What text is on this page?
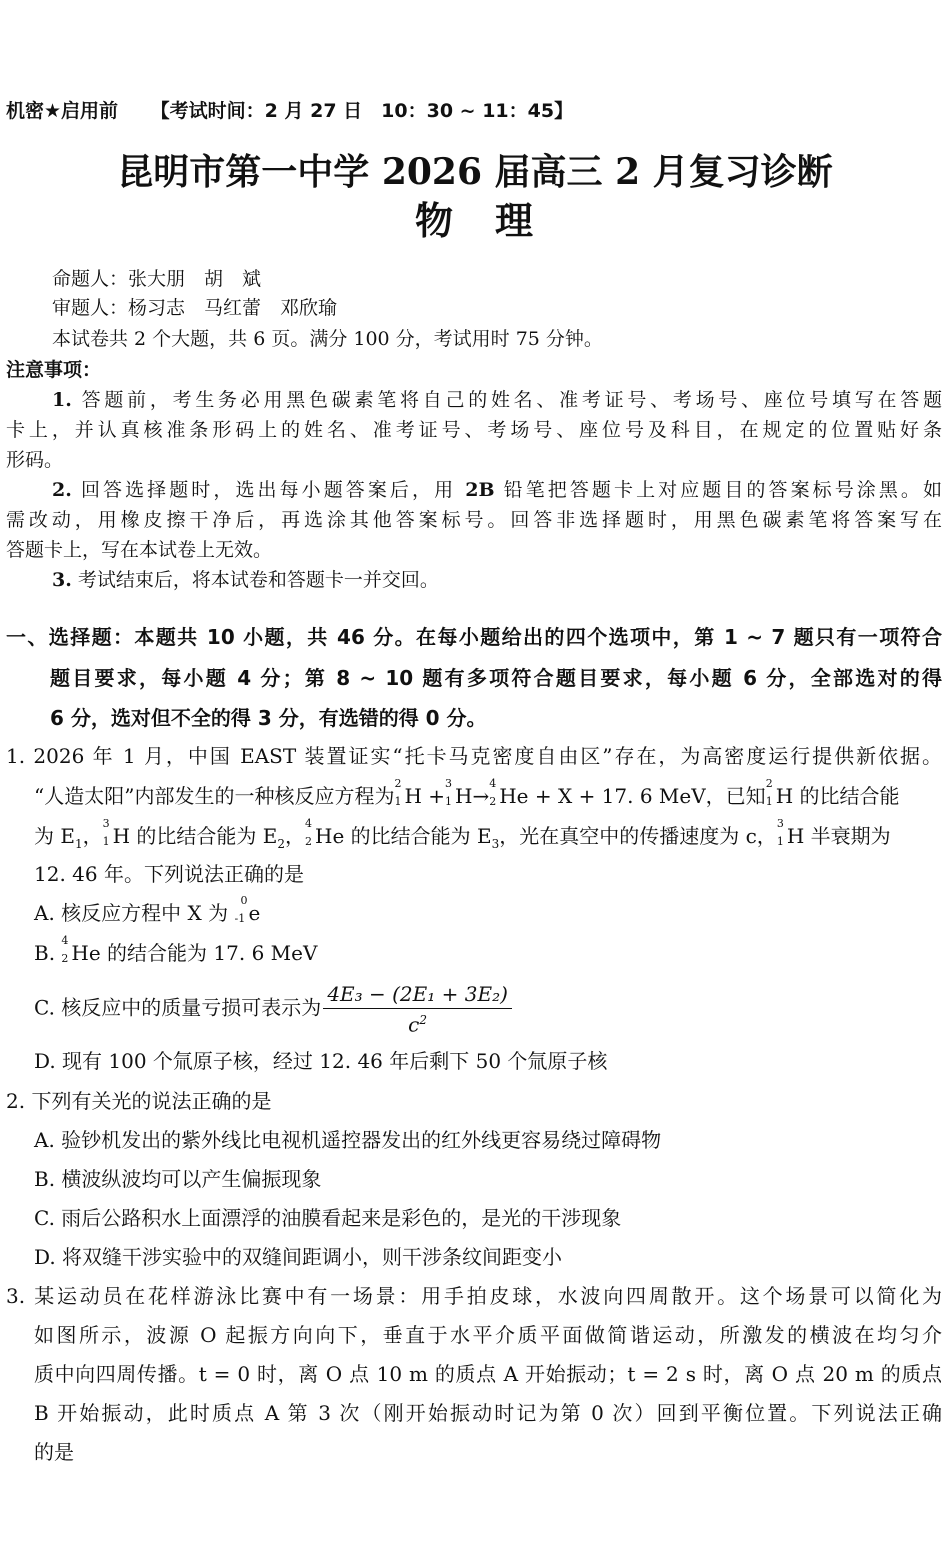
机密★启用前 【考试时间：2 月 27 日　10：30 ~ 11：45】
昆明市第一中学 2026 届高三 2 月复习诊断
物　理
命题人：张大朋　胡　斌
审题人：杨习志　马红蕾　邓欣瑜
本试卷共 2 个大题，共 6 页。满分 100 分，考试用时 75 分钟。
注意事项：
1. 答题前，考生务必用黑色碳素笔将自己的姓名、准考证号、考场号、座位号填写在答题
卡上，并认真核准条形码上的姓名、准考证号、考场号、座位号及科目，在规定的位置贴好条
形码。
2. 回答选择题时，选出每小题答案后，用 2B 铅笔把答题卡上对应题目的答案标号涂黑。如
需改动，用橡皮擦干净后，再选涂其他答案标号。回答非选择题时，用黑色碳素笔将答案写在
答题卡上，写在本试卷上无效。
3. 考试结束后，将本试卷和答题卡一并交回。
一、选择题：本题共 10 小题，共 46 分。在每小题给出的四个选项中，第 1 ~ 7 题只有一项符合
题目要求，每小题 4 分；第 8 ~ 10 题有多项符合题目要求，每小题 6 分，全部选对的得
6 分，选对但不全的得 3 分，有选错的得 0 分。
1. 2026 年 1 月，中国 EAST 装置证实“托卡马克密度自由区”存在，为高密度运行提供新依据。
“人造太阳”内部发生的一种核反应方程为
2
1 H +
3
1 H→
4
2 He + X + 17. 6 MeV，已知
2
1 H 的比结合能
为 $E_1$，
3
1 H 的比结合能为 $E_2$，
4
2 He 的比结合能为 $E_3$，光在真空中的传播速度为 c，
3
1 H 半衰期为
12. 46 年。下列说法正确的是
A. 核反应方程中 X 为
0
-1 e
B.
4
2 He 的结合能为 17. 6 MeV
C. 核反应中的质量亏损可表示为 $\frac{\text{4E₃ − (2E₁ + 3E₂)}}{c^2}$
D. 现有 100 个氚原子核，经过 12. 46 年后剩下 50 个氚原子核
2. 下列有关光的说法正确的是
A. 验钞机发出的紫外线比电视机遥控器发出的红外线更容易绕过障碍物
B. 横波纵波均可以产生偏振现象
C. 雨后公路积水上面漂浮的油膜看起来是彩色的，是光的干涉现象
D. 将双缝干涉实验中的双缝间距调小，则干涉条纹间距变小
3. 某运动员在花样游泳比赛中有一场景：用手拍皮球，水波向四周散开。这个场景可以简化为
如图所示，波源 O 起振方向向下，垂直于水平介质平面做简谐运动，所激发的横波在均匀介
质中向四周传播。t = 0 时，离 O 点 10 m 的质点 A 开始振动；t = 2 s 时，离 O 点 20 m 的质点
B 开始振动，此时质点 A 第 3 次（刚开始振动时记为第 0 次）回到平衡位置。下列说法正确
的是
